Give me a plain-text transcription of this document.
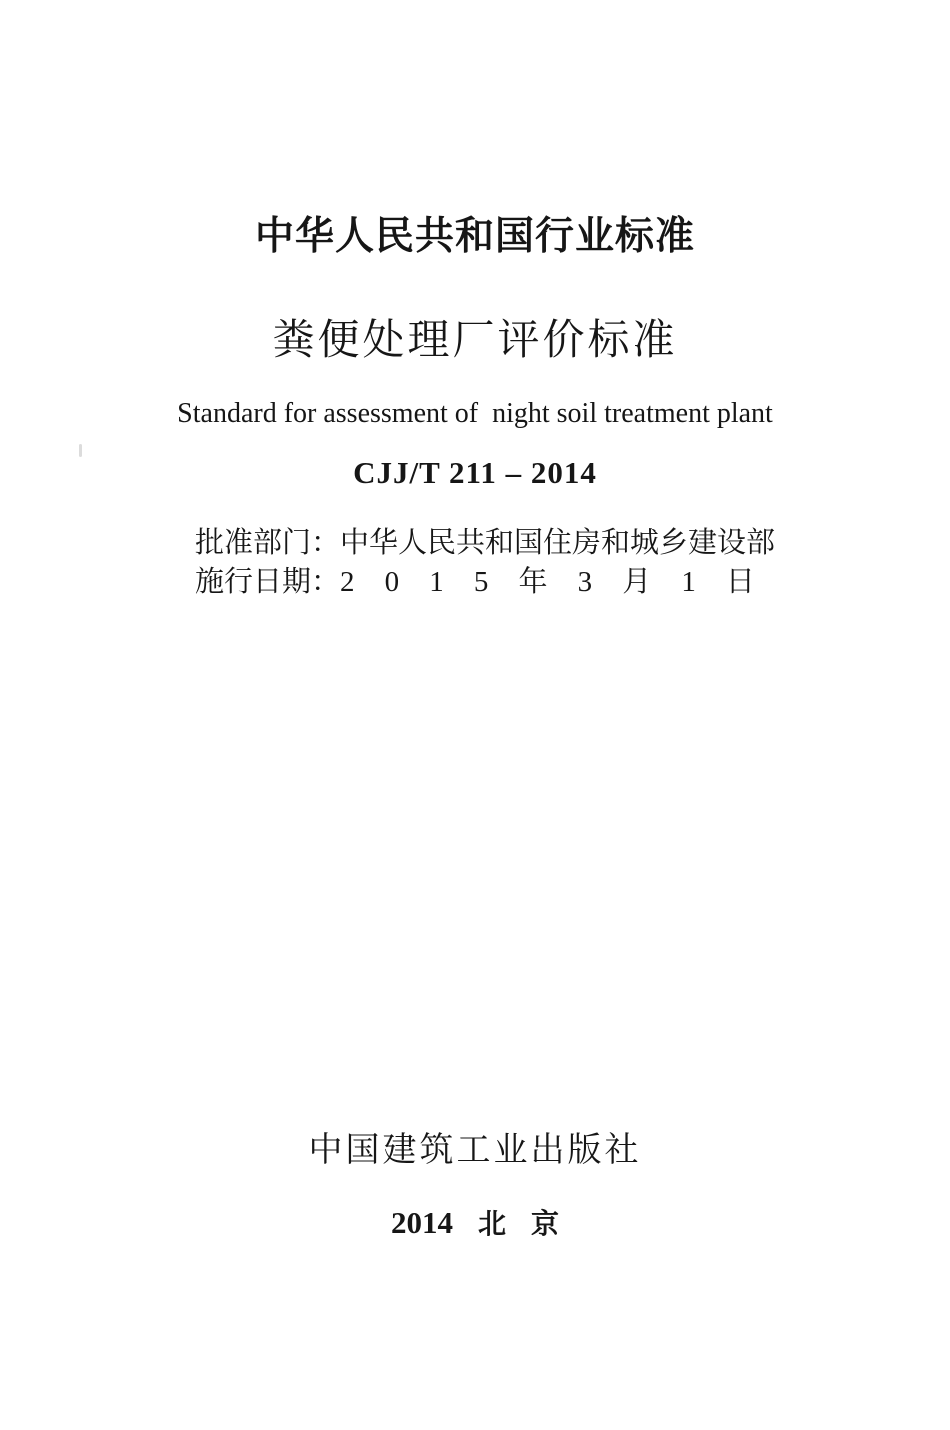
中华人民共和国行业标准
粪便处理厂评价标准
Standard for assessment of  night soil treatment plant
CJJ/T 211 – 2014
批准部门：中华人民共和国住房和城乡建设部
施行日期： 2 0 1 5 年 3 月 1 日
中国建筑工业出版社
2014 北 京
